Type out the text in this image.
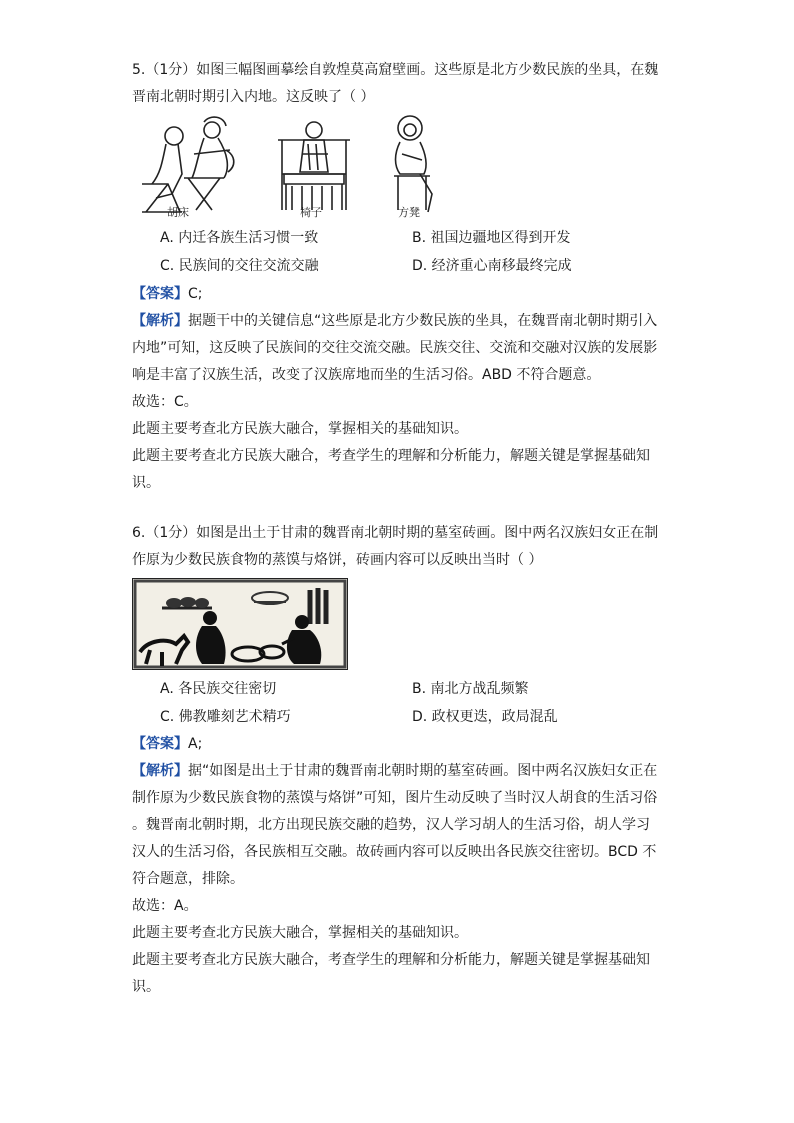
5.（1分）如图三幅图画摹绘自敦煌莫高窟壁画。这些原是北方少数民族的坐具，在魏
晋南北朝时期引入内地。这反映了（ ）
胡床	椅子	方凳
A. 内迁各族生活习惯一致	B. 祖国边疆地区得到开发
C. 民族间的交往交流交融	D. 经济重心南移最终完成
【答案】C;
【解析】据题干中的关键信息“这些原是北方少数民族的坐具，在魏晋南北朝时期引入
内地”可知，这反映了民族间的交往交流交融。民族交往、交流和交融对汉族的发展影
响是丰富了汉族生活，改变了汉族席地而坐的生活习俗。ABD 不符合题意。
故选：C。
此题主要考查北方民族大融合，掌握相关的基础知识。
此题主要考查北方民族大融合，考查学生的理解和分析能力，解题关键是掌握基础知
识。
6.（1分）如图是出土于甘肃的魏晋南北朝时期的墓室砖画。图中两名汉族妇女正在制
作原为少数民族食物的蒸馍与烙饼，砖画内容可以反映出当时（ ）
A. 各民族交往密切	B. 南北方战乱频繁
C. 佛教雕刻艺术精巧	D. 政权更迭，政局混乱
【答案】A;
【解析】据“如图是出土于甘肃的魏晋南北朝时期的墓室砖画。图中两名汉族妇女正在
制作原为少数民族食物的蒸馍与烙饼”可知，图片生动反映了当时汉人胡食的生活习俗
。魏晋南北朝时期，北方出现民族交融的趋势，汉人学习胡人的生活习俗，胡人学习
汉人的生活习俗，各民族相互交融。故砖画内容可以反映出各民族交往密切。BCD 不
符合题意，排除。
故选：A。
此题主要考查北方民族大融合，掌握相关的基础知识。
此题主要考查北方民族大融合，考查学生的理解和分析能力，解题关键是掌握基础知
识。
